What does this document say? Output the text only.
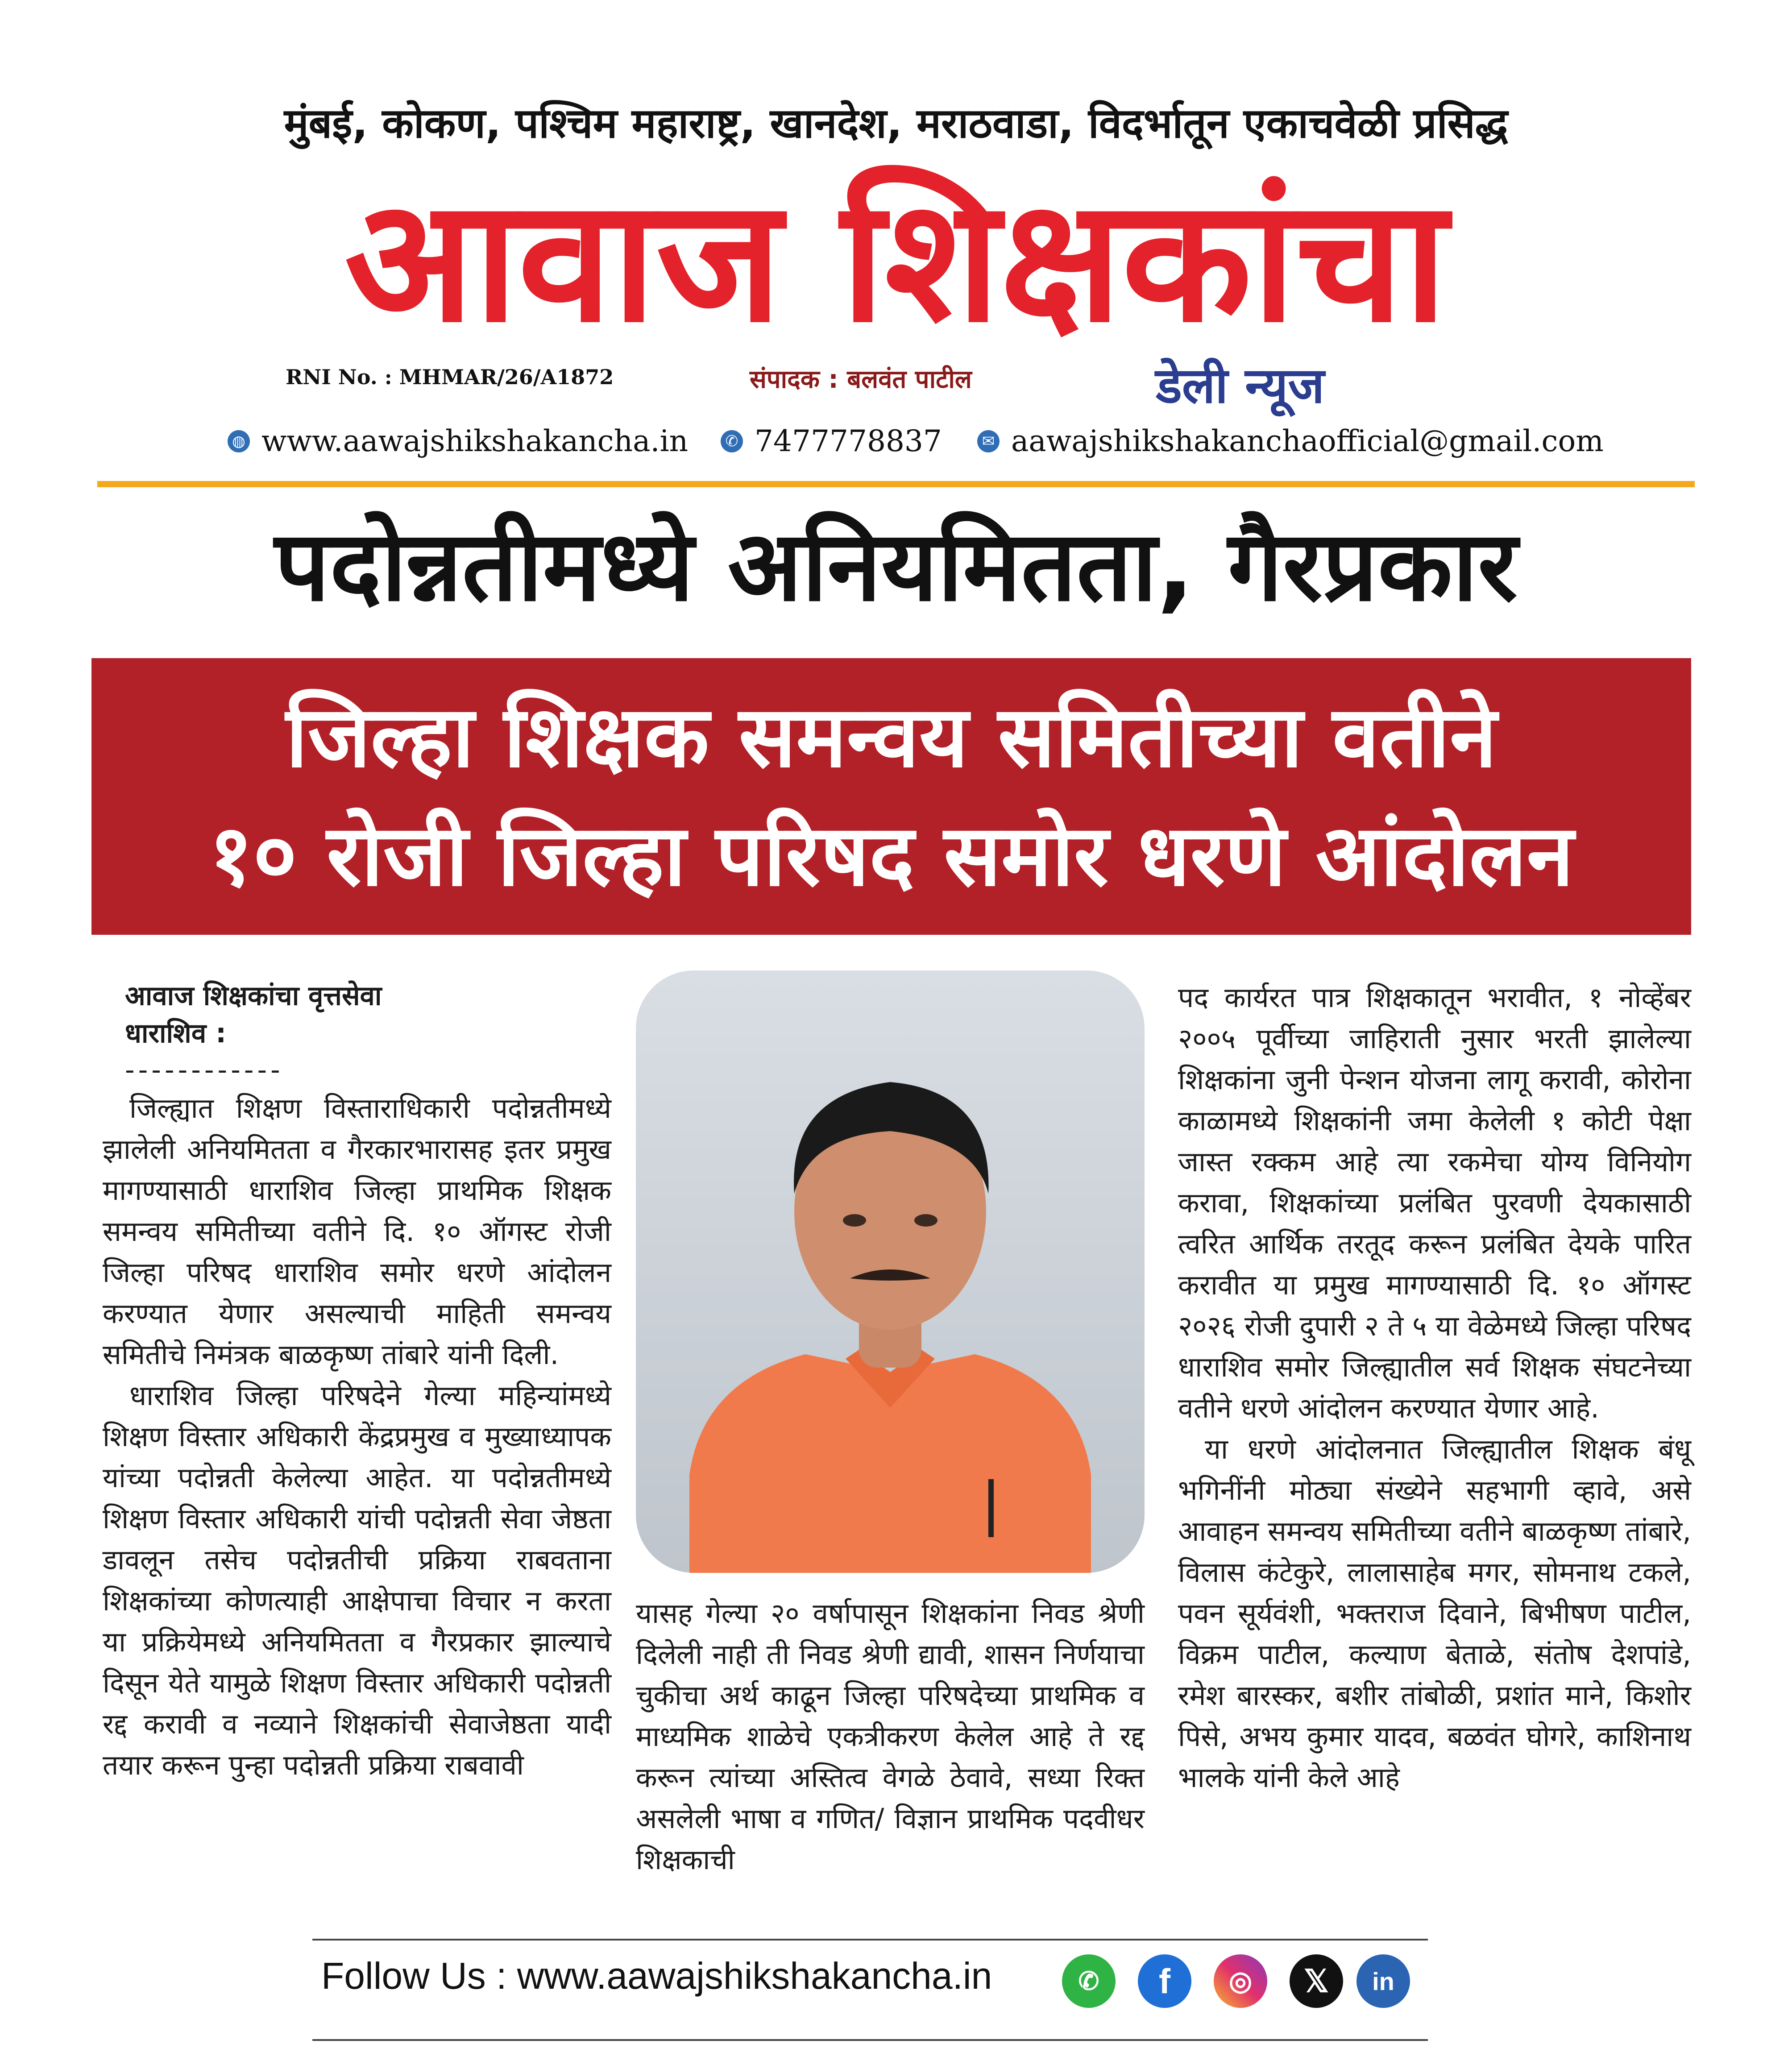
मुंबई, कोकण, पश्चिम महाराष्ट्र, खानदेश, मराठवाडा, विदर्भातून एकाचवेळी प्रसिद्ध
आवाज शिक्षकांचा
RNI No. : MHMAR/26/A1872	संपादक : बलवंत पाटील	डेली न्यूज
◍ www.aawajshikshakancha.in	✆ 7477778837	✉ aawajshikshakanchaofficial@gmail.com
पदोन्नतीमध्ये अनियमितता, गैरप्रकार
जिल्हा शिक्षक समन्वय समितीच्या वतीने
१० रोजी जिल्हा परिषद समोर धरणे आंदोलन
आवाज शिक्षकांचा वृत्तसेवा
धाराशिव :
------------

जिल्ह्यात शिक्षण विस्ताराधिकारी पदोन्नतीमध्ये झालेली अनियमितता व गैरकारभारासह इतर प्रमुख मागण्यासाठी धाराशिव जिल्हा प्राथमिक शिक्षक समन्वय समितीच्या वतीने दि. १० ऑगस्ट रोजी जिल्हा परिषद धाराशिव समोर धरणे आंदोलन करण्यात येणार असल्याची माहिती समन्वय समितीचे निमंत्रक बाळकृष्ण तांबारे यांनी दिली.

धाराशिव जिल्हा परिषदेने गेल्या महिन्यांमध्ये शिक्षण विस्तार अधिकारी केंद्रप्रमुख व मुख्याध्यापक यांच्या पदोन्नती केलेल्या आहेत. या पदोन्नतीमध्ये शिक्षण विस्तार अधिकारी यांची पदोन्नती सेवा जेष्ठता डावलून तसेच पदोन्नतीची प्रक्रिया राबवताना शिक्षकांच्या कोणत्याही आक्षेपाचा विचार न करता या प्रक्रियेमध्ये अनियमितता व गैरप्रकार झाल्याचे दिसून येते यामुळे शिक्षण विस्तार अधिकारी पदोन्नती रद्द करावी व नव्याने शिक्षकांची सेवाजेष्ठता यादी तयार करून पुन्हा पदोन्नती प्रक्रिया राबवावी

यासह गेल्या २० वर्षापासून शिक्षकांना निवड श्रेणी दिलेली नाही ती निवड श्रेणी द्यावी, शासन निर्णयाचा चुकीचा अर्थ काढून जिल्हा परिषदेच्या प्राथमिक व माध्यमिक शाळेचे एकत्रीकरण केलेल आहे ते रद्द करून त्यांच्या अस्तित्व वेगळे ठेवावे, सध्या रिक्त असलेली भाषा व गणित/ विज्ञान प्राथमिक पदवीधर शिक्षकाची

पद कार्यरत पात्र शिक्षकातून भरावीत, १ नोव्हेंबर २००५ पूर्वीच्या जाहिराती नुसार भरती झालेल्या शिक्षकांना जुनी पेन्शन योजना लागू करावी, कोरोना काळामध्ये शिक्षकांनी जमा केलेली १ कोटी पेक्षा जास्त रक्कम आहे त्या रकमेचा योग्य विनियोग करावा, शिक्षकांच्या प्रलंबित पुरवणी देयकासाठी त्वरित आर्थिक तरतूद करून प्रलंबित देयके पारित करावीत या प्रमुख मागण्यासाठी दि. १० ऑगस्ट २०२६ रोजी दुपारी २ ते ५ या वेळेमध्ये जिल्हा परिषद धाराशिव समोर जिल्ह्यातील सर्व शिक्षक संघटनेच्या वतीने धरणे आंदोलन करण्यात येणार आहे.

या धरणे आंदोलनात जिल्ह्यातील शिक्षक बंधू भगिनींनी मोठ्या संख्येने सहभागी व्हावे, असे आवाहन समन्वय समितीच्या वतीने बाळकृष्ण तांबारे, विलास कंटेकुरे, लालासाहेब मगर, सोमनाथ टकले, पवन सूर्यवंशी, भक्तराज दिवाने, बिभीषण पाटील, विक्रम पाटील, कल्याण बेताळे, संतोष देशपांडे, रमेश बारस्कर, बशीर तांबोळी, प्रशांत माने, किशोर पिसे, अभय कुमार यादव, बळवंत घोगरे, काशिनाथ भालके यांनी केले आहे

Follow Us : www.aawajshikshakancha.in	✆	f	◎	𝕏	in
